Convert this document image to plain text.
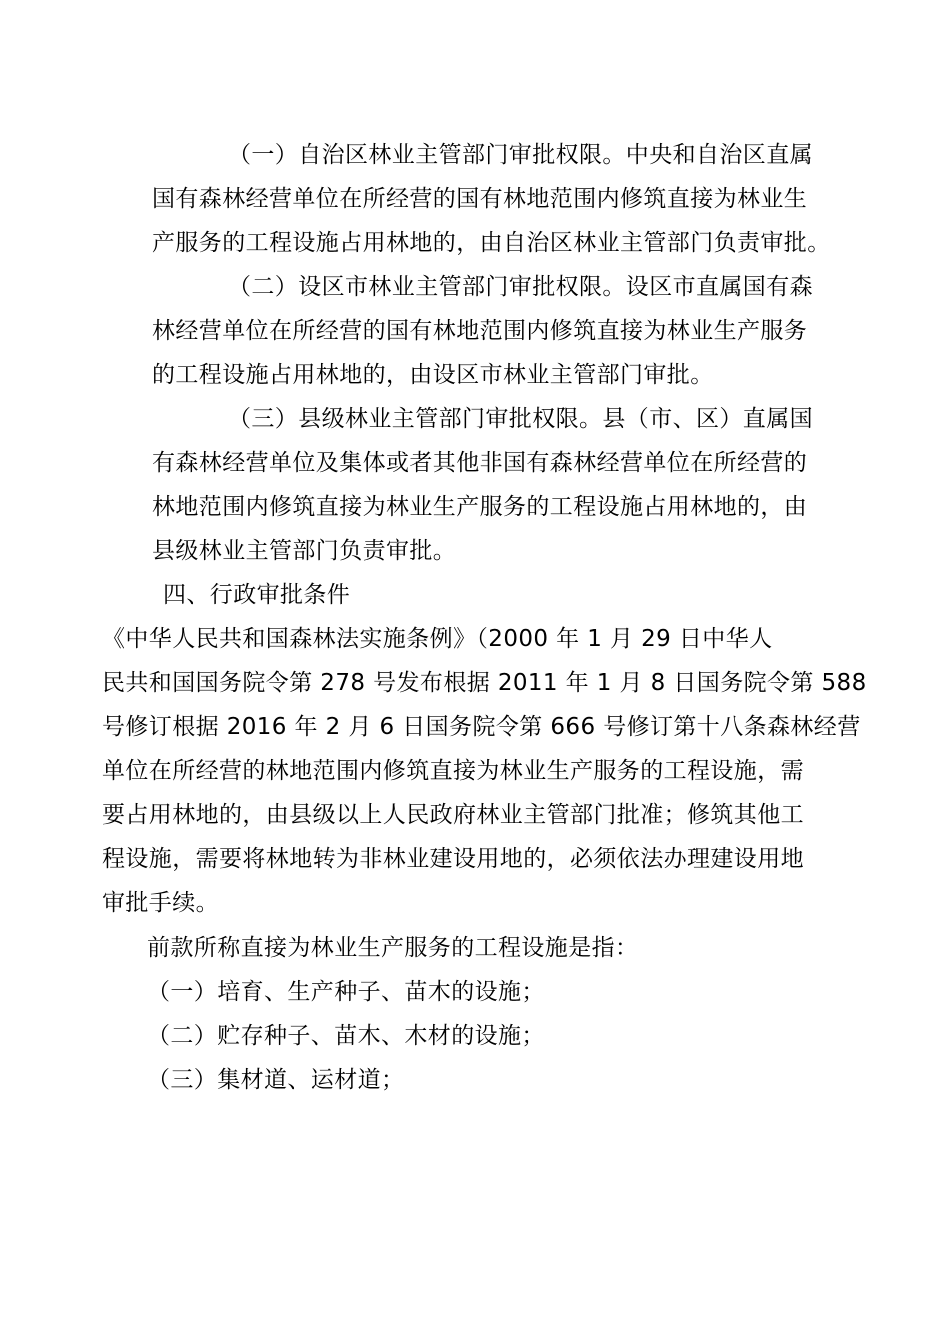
（一）自治区林业主管部门审批权限。中央和自治区直属
国有森林经营单位在所经营的国有林地范围内修筑直接为林业生
产服务的工程设施占用林地的，由自治区林业主管部门负责审批。
（二）设区市林业主管部门审批权限。设区市直属国有森
林经营单位在所经营的国有林地范围内修筑直接为林业生产服务
的工程设施占用林地的，由设区市林业主管部门审批。
（三）县级林业主管部门审批权限。县（市、区）直属国
有森林经营单位及集体或者其他非国有森林经营单位在所经营的
林地范围内修筑直接为林业生产服务的工程设施占用林地的，由
县级林业主管部门负责审批。
四、行政审批条件
《中华人民共和国森林法实施条例》（2000 年 1 月 29 日中华人
民共和国国务院令第 278 号发布根据 2011 年 1 月 8 日国务院令第 588
号修订根据 2016 年 2 月 6 日国务院令第 666 号修订第十八条森林经营
单位在所经营的林地范围内修筑直接为林业生产服务的工程设施，需
要占用林地的，由县级以上人民政府林业主管部门批准；修筑其他工
程设施，需要将林地转为非林业建设用地的，必须依法办理建设用地
审批手续。
前款所称直接为林业生产服务的工程设施是指：
（一）培育、生产种子、苗木的设施；
（二）贮存种子、苗木、木材的设施；
（三）集材道、运材道；
